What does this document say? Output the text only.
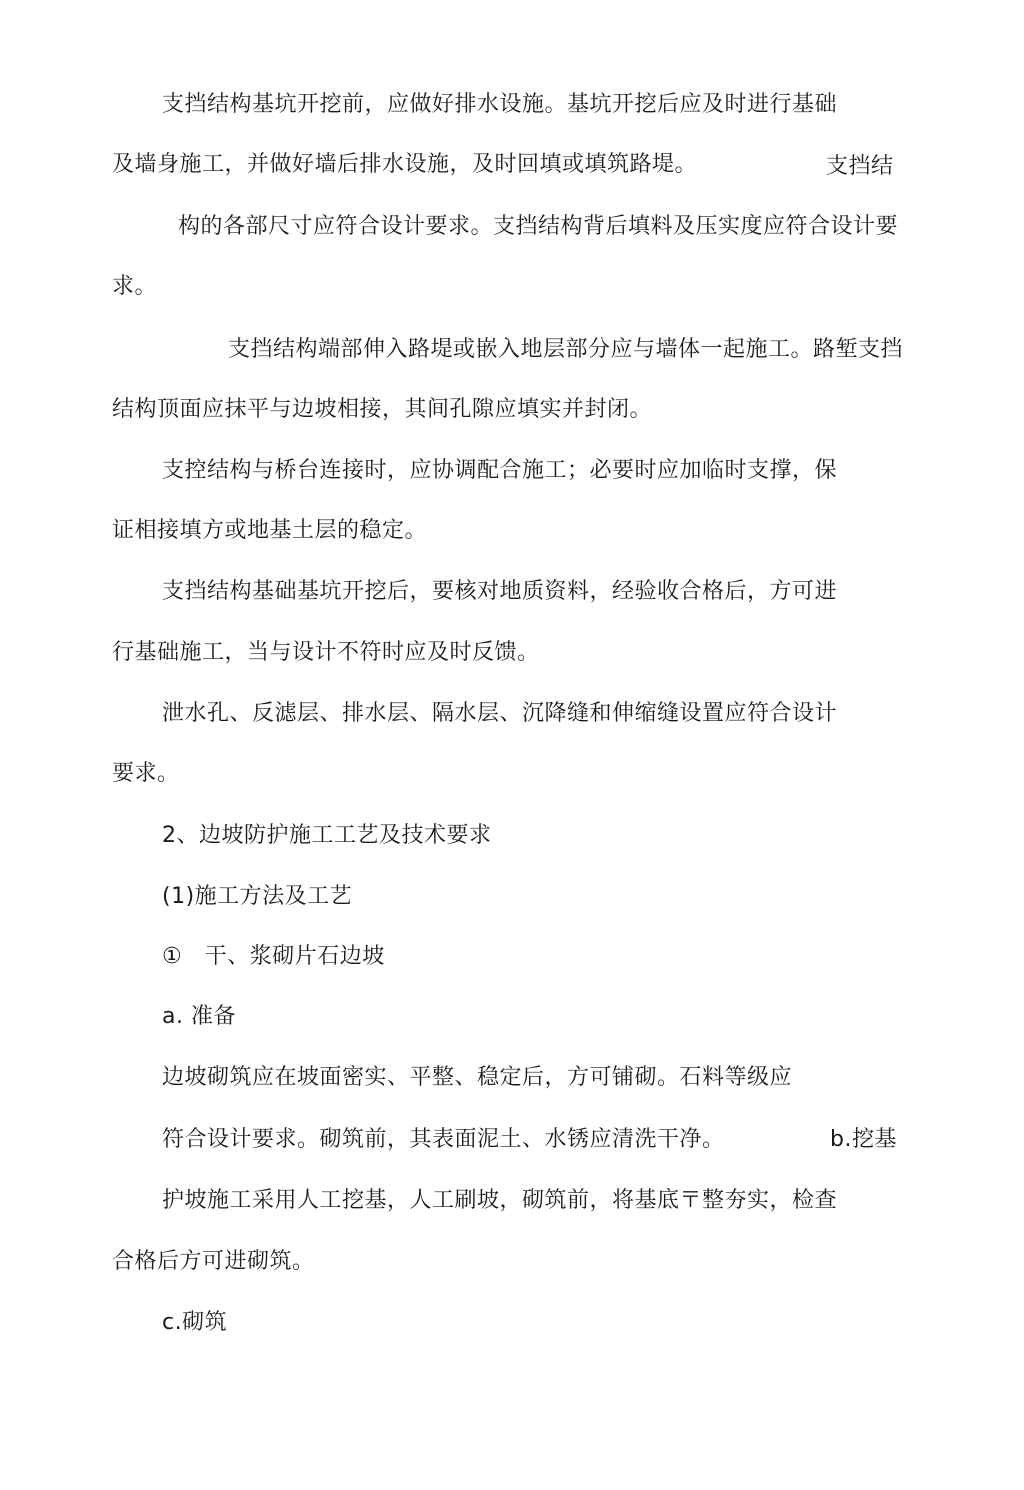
支挡结构基坑开挖前，应做好排水设施。基坑开挖后应及时进行基础
及墙身施工，并做好墙后排水设施，及时回填或填筑路堤。	支挡结
构的各部尺寸应符合设计要求。支挡结构背后填料及压实度应符合设计要
求。
支挡结构端部伸入路堤或嵌入地层部分应与墙体一起施工。路堑支挡
结构顶面应抹平与边坡相接，其间孔隙应填实并封闭。
支控结构与桥台连接时，应协调配合施工；必要时应加临时支撑，保
证相接填方或地基土层的稳定。
支挡结构基础基坑开挖后，要核对地质资料，经验收合格后，方可进
行基础施工，当与设计不符时应及时反馈。
泄水孔、反滤层、排水层、隔水层、沉降缝和伸缩缝设置应符合设计
要求。
2、边坡防护施工工艺及技术要求
(1)施工方法及工艺
①　干、浆砌片石边坡
a. 准备
边坡砌筑应在坡面密实、平整、稳定后，方可铺砌。石料等级应
符合设计要求。砌筑前，其表面泥土、水锈应清洗干净。	b.挖基
护坡施工采用人工挖基，人工刷坡，砌筑前，将基底〒整夯实，检查
合格后方可进砌筑。
c.砌筑
